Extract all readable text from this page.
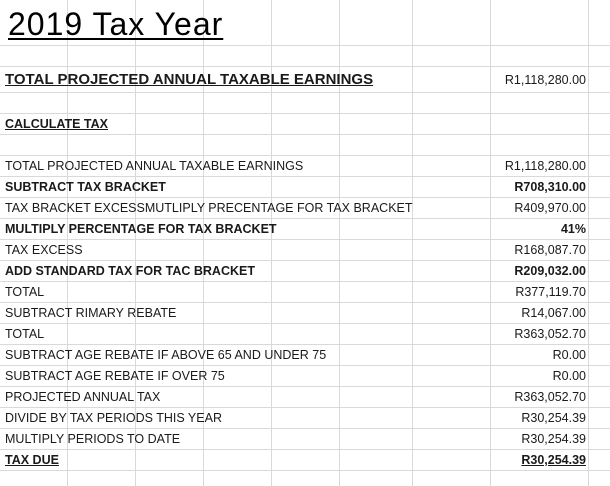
2019 Tax Year
TOTAL PROJECTED ANNUAL TAXABLE EARNINGS	R1,118,280.00
CALCULATE TAX
TOTAL PROJECTED ANNUAL TAXABLE EARNINGS	R1,118,280.00
SUBTRACT TAX BRACKET	R708,310.00
TAX BRACKET EXCESSMUTLIPLY PRECENTAGE FOR TAX BRACKET	R409,970.00
MULTIPLY PERCENTAGE FOR TAX BRACKET	41%
TAX EXCESS	R168,087.70
ADD STANDARD TAX FOR TAC BRACKET	R209,032.00
TOTAL	R377,119.70
SUBTRACT RIMARY REBATE	R14,067.00
TOTAL	R363,052.70
SUBTRACT AGE REBATE IF ABOVE 65 AND UNDER 75	R0.00
SUBTRACT AGE REBATE IF OVER 75	R0.00
PROJECTED ANNUAL TAX	R363,052.70
DIVIDE BY TAX PERIODS THIS YEAR	R30,254.39
MULTIPLY PERIODS TO DATE	R30,254.39
TAX DUE	R30,254.39
